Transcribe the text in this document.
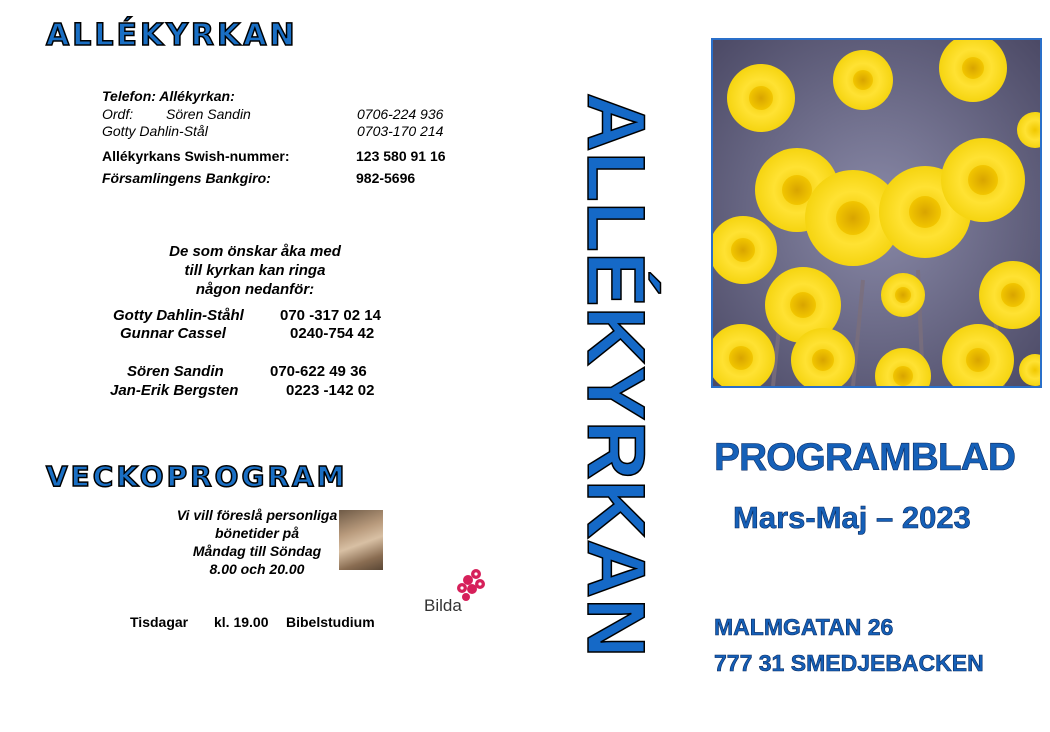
ALLÉKYRKAN
Telefon: Allékyrkan:
Ordf: Sören Sandin	0706-224 936
Gotty Dahlin-Stål	0703-170 214
Allékyrkans Swish-nummer:	123 580 91 16
Församlingens Bankgiro:	982-5696
De som önskar åka med
till kyrkan kan ringa
någon nedanför:
Gotty Dahlin-Ståhl 070 -317 02 14
Gunnar Cassel	0240-754 42
Sören Sandin	070-622 49 36
Jan-Erik Bergsten	0223 -142 02
VECKOPROGRAM
Vi vill föreslå personliga
bönetider på
Måndag till Söndag
8.00 och 20.00
Bilda
Tisdagar kl. 19.00 Bibelstudium ALLÉKYRKAN PROGRAMBLAD
Mars-Maj – 2023
MALMGATAN 26
777 31 SMEDJEBACKEN
